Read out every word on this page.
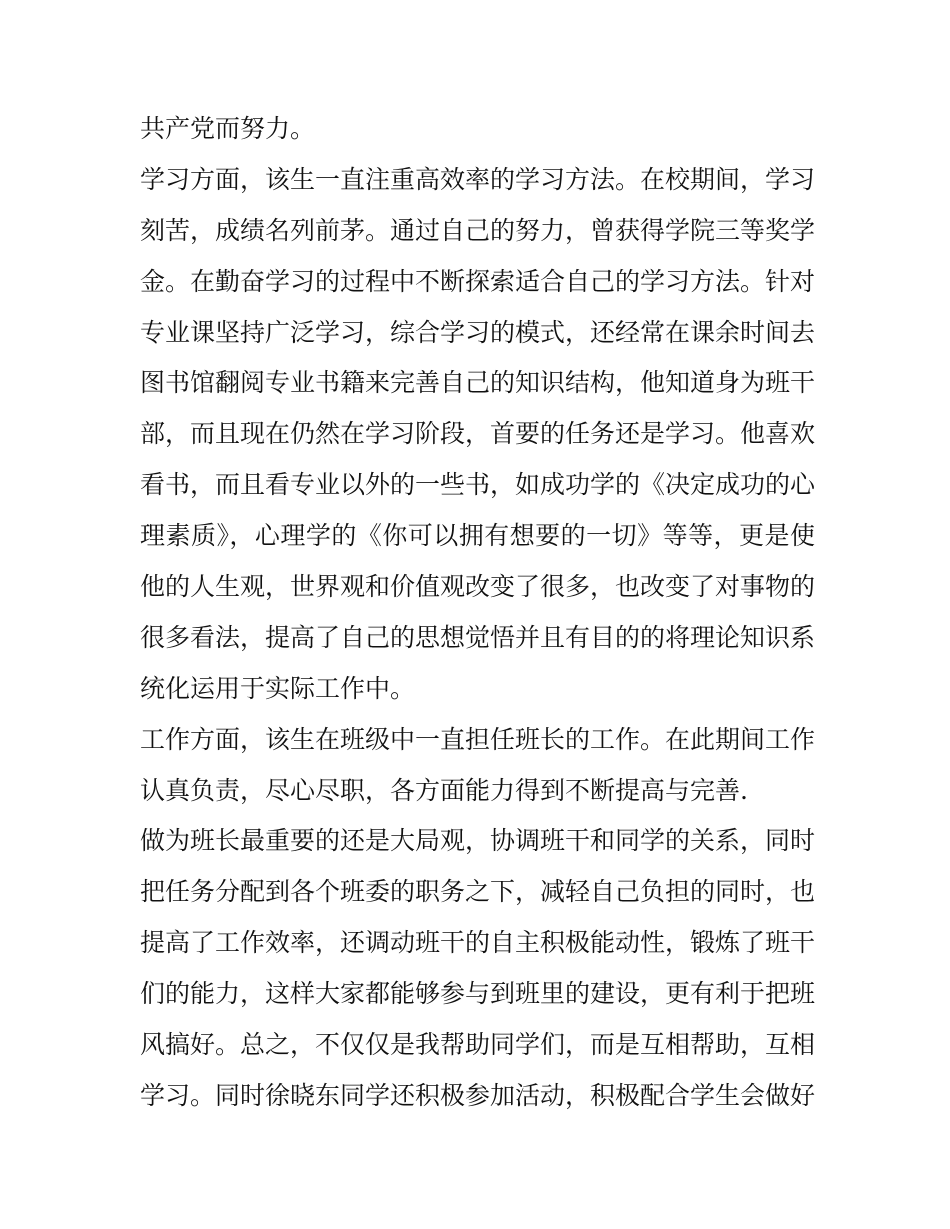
共产党而努力。
学习方面，该生一直注重高效率的学习方法。在校期间，学习
刻苦，成绩名列前茅。通过自己的努力，曾获得学院三等奖学
金。在勤奋学习的过程中不断探索适合自己的学习方法。针对
专业课坚持广泛学习，综合学习的模式，还经常在课余时间去
图书馆翻阅专业书籍来完善自己的知识结构，他知道身为班干
部，而且现在仍然在学习阶段，首要的任务还是学习。他喜欢
看书，而且看专业以外的一些书，如成功学的《决定成功的心
理素质》，心理学的《你可以拥有想要的一切》等等，更是使
他的人生观，世界观和价值观改变了很多，也改变了对事物的
很多看法，提高了自己的思想觉悟并且有目的的将理论知识系
统化运用于实际工作中。
工作方面，该生在班级中一直担任班长的工作。在此期间工作
认真负责，尽心尽职，各方面能力得到不断提高与完善.
做为班长最重要的还是大局观，协调班干和同学的关系，同时
把任务分配到各个班委的职务之下，减轻自己负担的同时，也
提高了工作效率，还调动班干的自主积极能动性，锻炼了班干
们的能力，这样大家都能够参与到班里的建设，更有利于把班
风搞好。总之，不仅仅是我帮助同学们，而是互相帮助，互相
学习。同时徐晓东同学还积极参加活动，积极配合学生会做好
